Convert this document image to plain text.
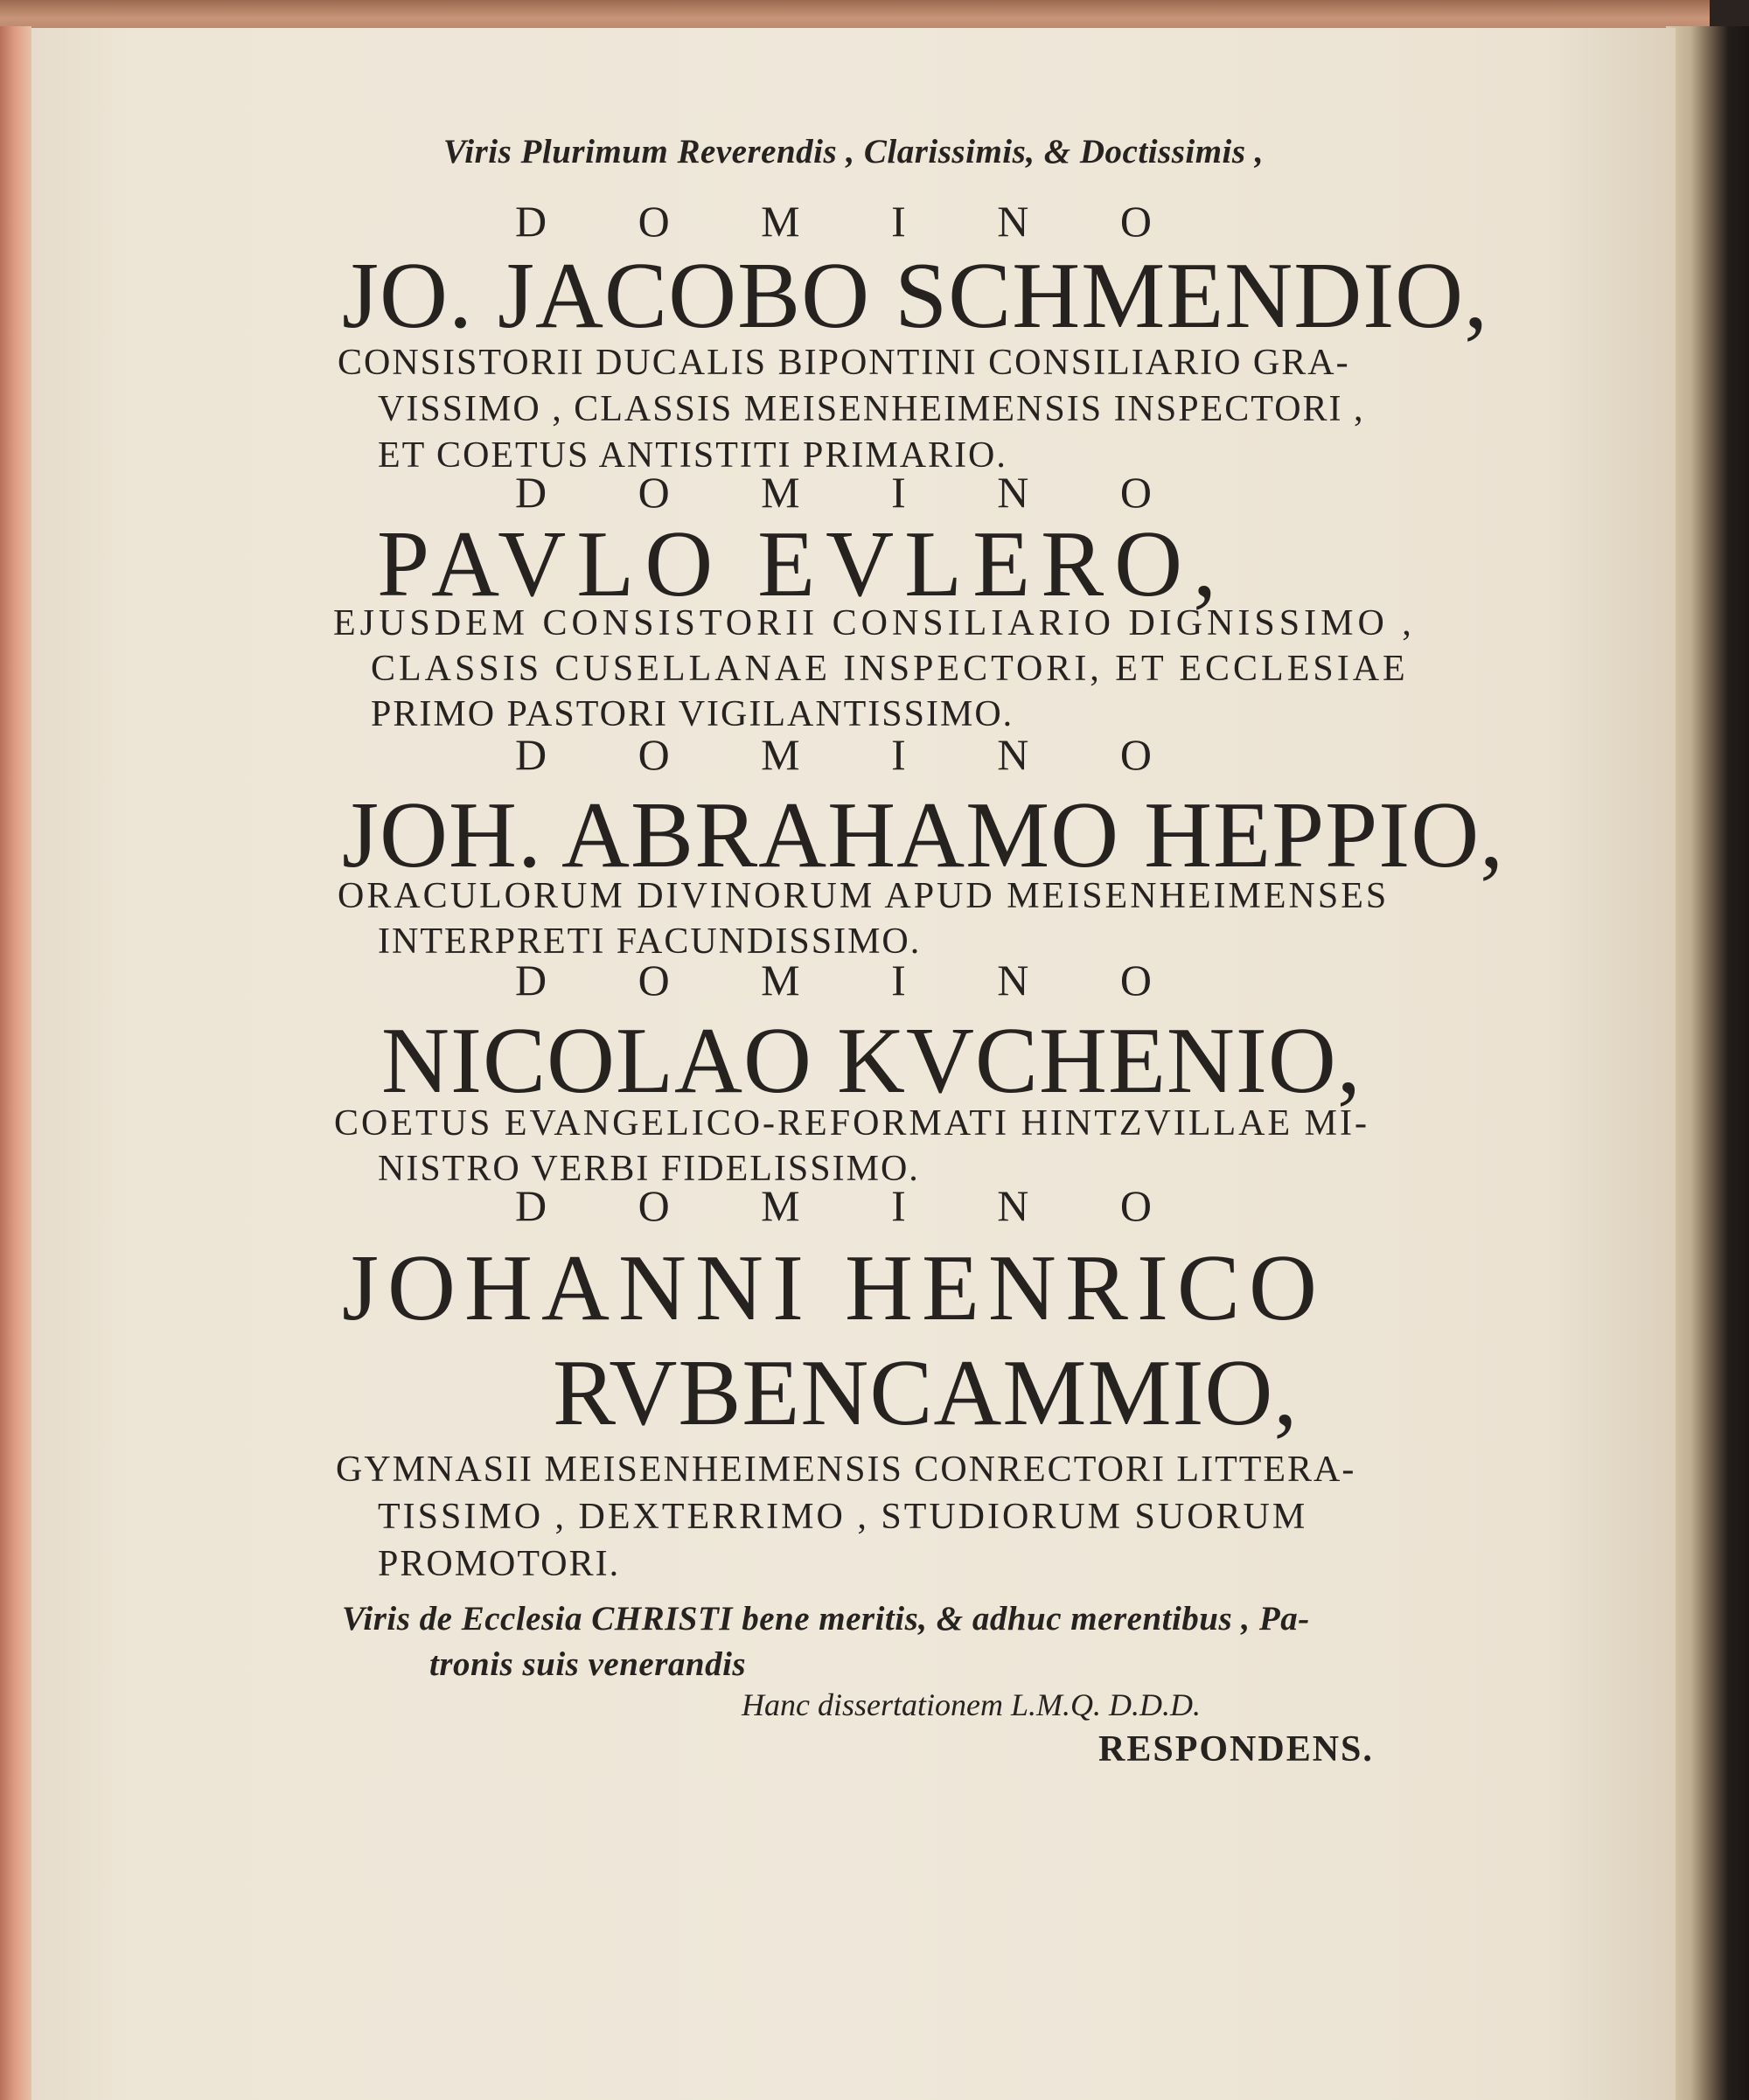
Viris Plurimum Reverendis , Clarissimis, & Doctissimis ,
D O M I N O
JO. JACOBO SCHMENDIO,
CONSISTORII DUCALIS BIPONTINI CONSILIARIO GRA-
VISSIMO , CLASSIS MEISENHEIMENSIS INSPECTORI ,
ET COETUS ANTISTITI PRIMARIO.
D O M I N O
PAVLO EVLERO,
EJUSDEM CONSISTORII CONSILIARIO DIGNISSIMO ,
CLASSIS CUSELLANAE INSPECTORI, ET ECCLESIAE
PRIMO PASTORI VIGILANTISSIMO.
D O M I N O
JOH. ABRAHAMO HEPPIO,
ORACULORUM DIVINORUM APUD MEISENHEIMENSES
INTERPRETI FACUNDISSIMO.
D O M I N O
NICOLAO KVCHENIO,
COETUS EVANGELICO-REFORMATI HINTZVILLAE MI-
NISTRO VERBI FIDELISSIMO.
D O M I N O
JOHANNI HENRICO
RVBENCAMMIO,
GYMNASII MEISENHEIMENSIS CONRECTORI LITTERA-
TISSIMO , DEXTERRIMO , STUDIORUM SUORUM
PROMOTORI.
Viris de Ecclesia CHRISTI bene meritis, & adhuc merentibus , Pa-
tronis suis venerandis
Hanc dissertationem L.M.Q. D.D.D.
RESPONDENS.
